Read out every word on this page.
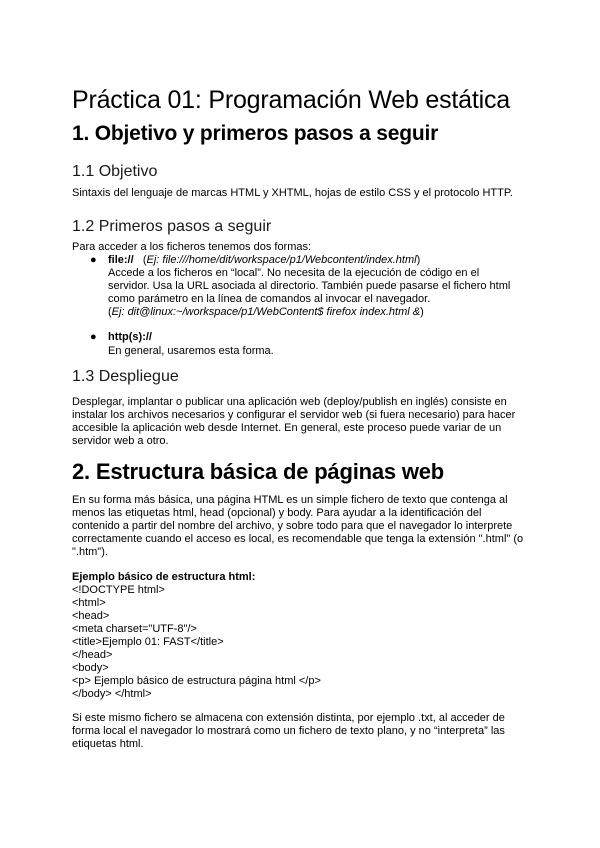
Práctica 01: Programación Web estática
1. Objetivo y primeros pasos a seguir
1.1 Objetivo
Sintaxis del lenguaje de marcas HTML y XHTML, hojas de estilo CSS y el protocolo HTTP.
1.2 Primeros pasos a seguir
Para acceder a los ficheros tenemos dos formas:
● file:// (Ej: file:///home/dit/workspace/p1/Webcontent/index.html)
Accede a los ficheros en “local”. No necesita de la ejecución de código en el
servidor. Usa la URL asociada al directorio. También puede pasarse el fichero html
como parámetro en la línea de comandos al invocar el navegador.
(Ej: dit@linux:~/workspace/p1/WebContent$ firefox index.html &)
● http(s)://
En general, usaremos esta forma.
1.3 Despliegue
Desplegar, implantar o publicar una aplicación web (deploy/publish en inglés) consiste en
instalar los archivos necesarios y configurar el servidor web (si fuera necesario) para hacer
accesible la aplicación web desde Internet. En general, este proceso puede variar de un
servidor web a otro.
2. Estructura básica de páginas web
En su forma más básica, una página HTML es un simple fichero de texto que contenga al
menos las etiquetas html, head (opcional) y body. Para ayudar a la identificación del
contenido a partir del nombre del archivo, y sobre todo para que el navegador lo interprete
correctamente cuando el acceso es local, es recomendable que tenga la extensión ".html" (o
".htm").
Ejemplo básico de estructura html:
<!DOCTYPE html>
<html>
<head>
<meta charset="UTF-8"/>
<title>Ejemplo 01: FAST</title>
</head>
<body>
<p> Ejemplo básico de estructura página html </p>
</body> </html>
Si este mismo fichero se almacena con extensión distinta, por ejemplo .txt, al acceder de
forma local el navegador lo mostrará como un fichero de texto plano, y no “interpreta” las
etiquetas html.
